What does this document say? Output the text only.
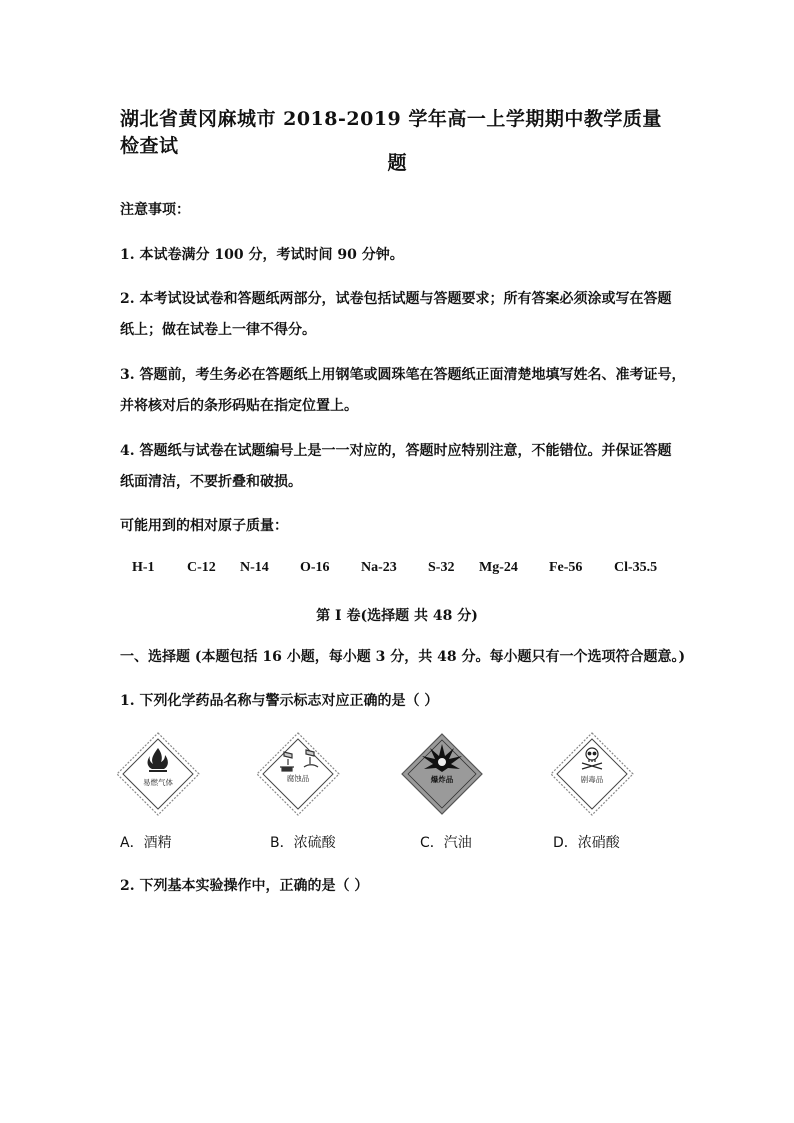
湖北省黄冈麻城市 2018-2019 学年高一上学期期中教学质量检查试
题
注意事项：
1. 本试卷满分 100 分，考试时间 90 分钟。
2. 本考试设试卷和答题纸两部分，试卷包括试题与答题要求；所有答案必须涂或写在答题
纸上；做在试卷上一律不得分。
3. 答题前，考生务必在答题纸上用钢笔或圆珠笔在答题纸正面清楚地填写姓名、准考证号，
并将核对后的条形码贴在指定位置上。
4. 答题纸与试卷在试题编号上是一一对应的，答题时应特别注意，不能错位。并保证答题
纸面清洁，不要折叠和破损。
可能用到的相对原子质量：
H-1 C-12 N-14 O-16 Na-23 S-32 Mg-24 Fe-56 Cl-35.5
第 I 卷(选择题 共 48 分)
一、选择题 (本题包括 16 小题，每小题 3 分，共 48 分。每小题只有一个选项符合题意。)
1. 下列化学药品名称与警示标志对应正确的是（ ）
易燃气体	腐蚀品	爆炸品	剧毒品
A．酒精	B．浓硫酸	C．汽油	D．浓硝酸
2. 下列基本实验操作中，正确的是（ ）
